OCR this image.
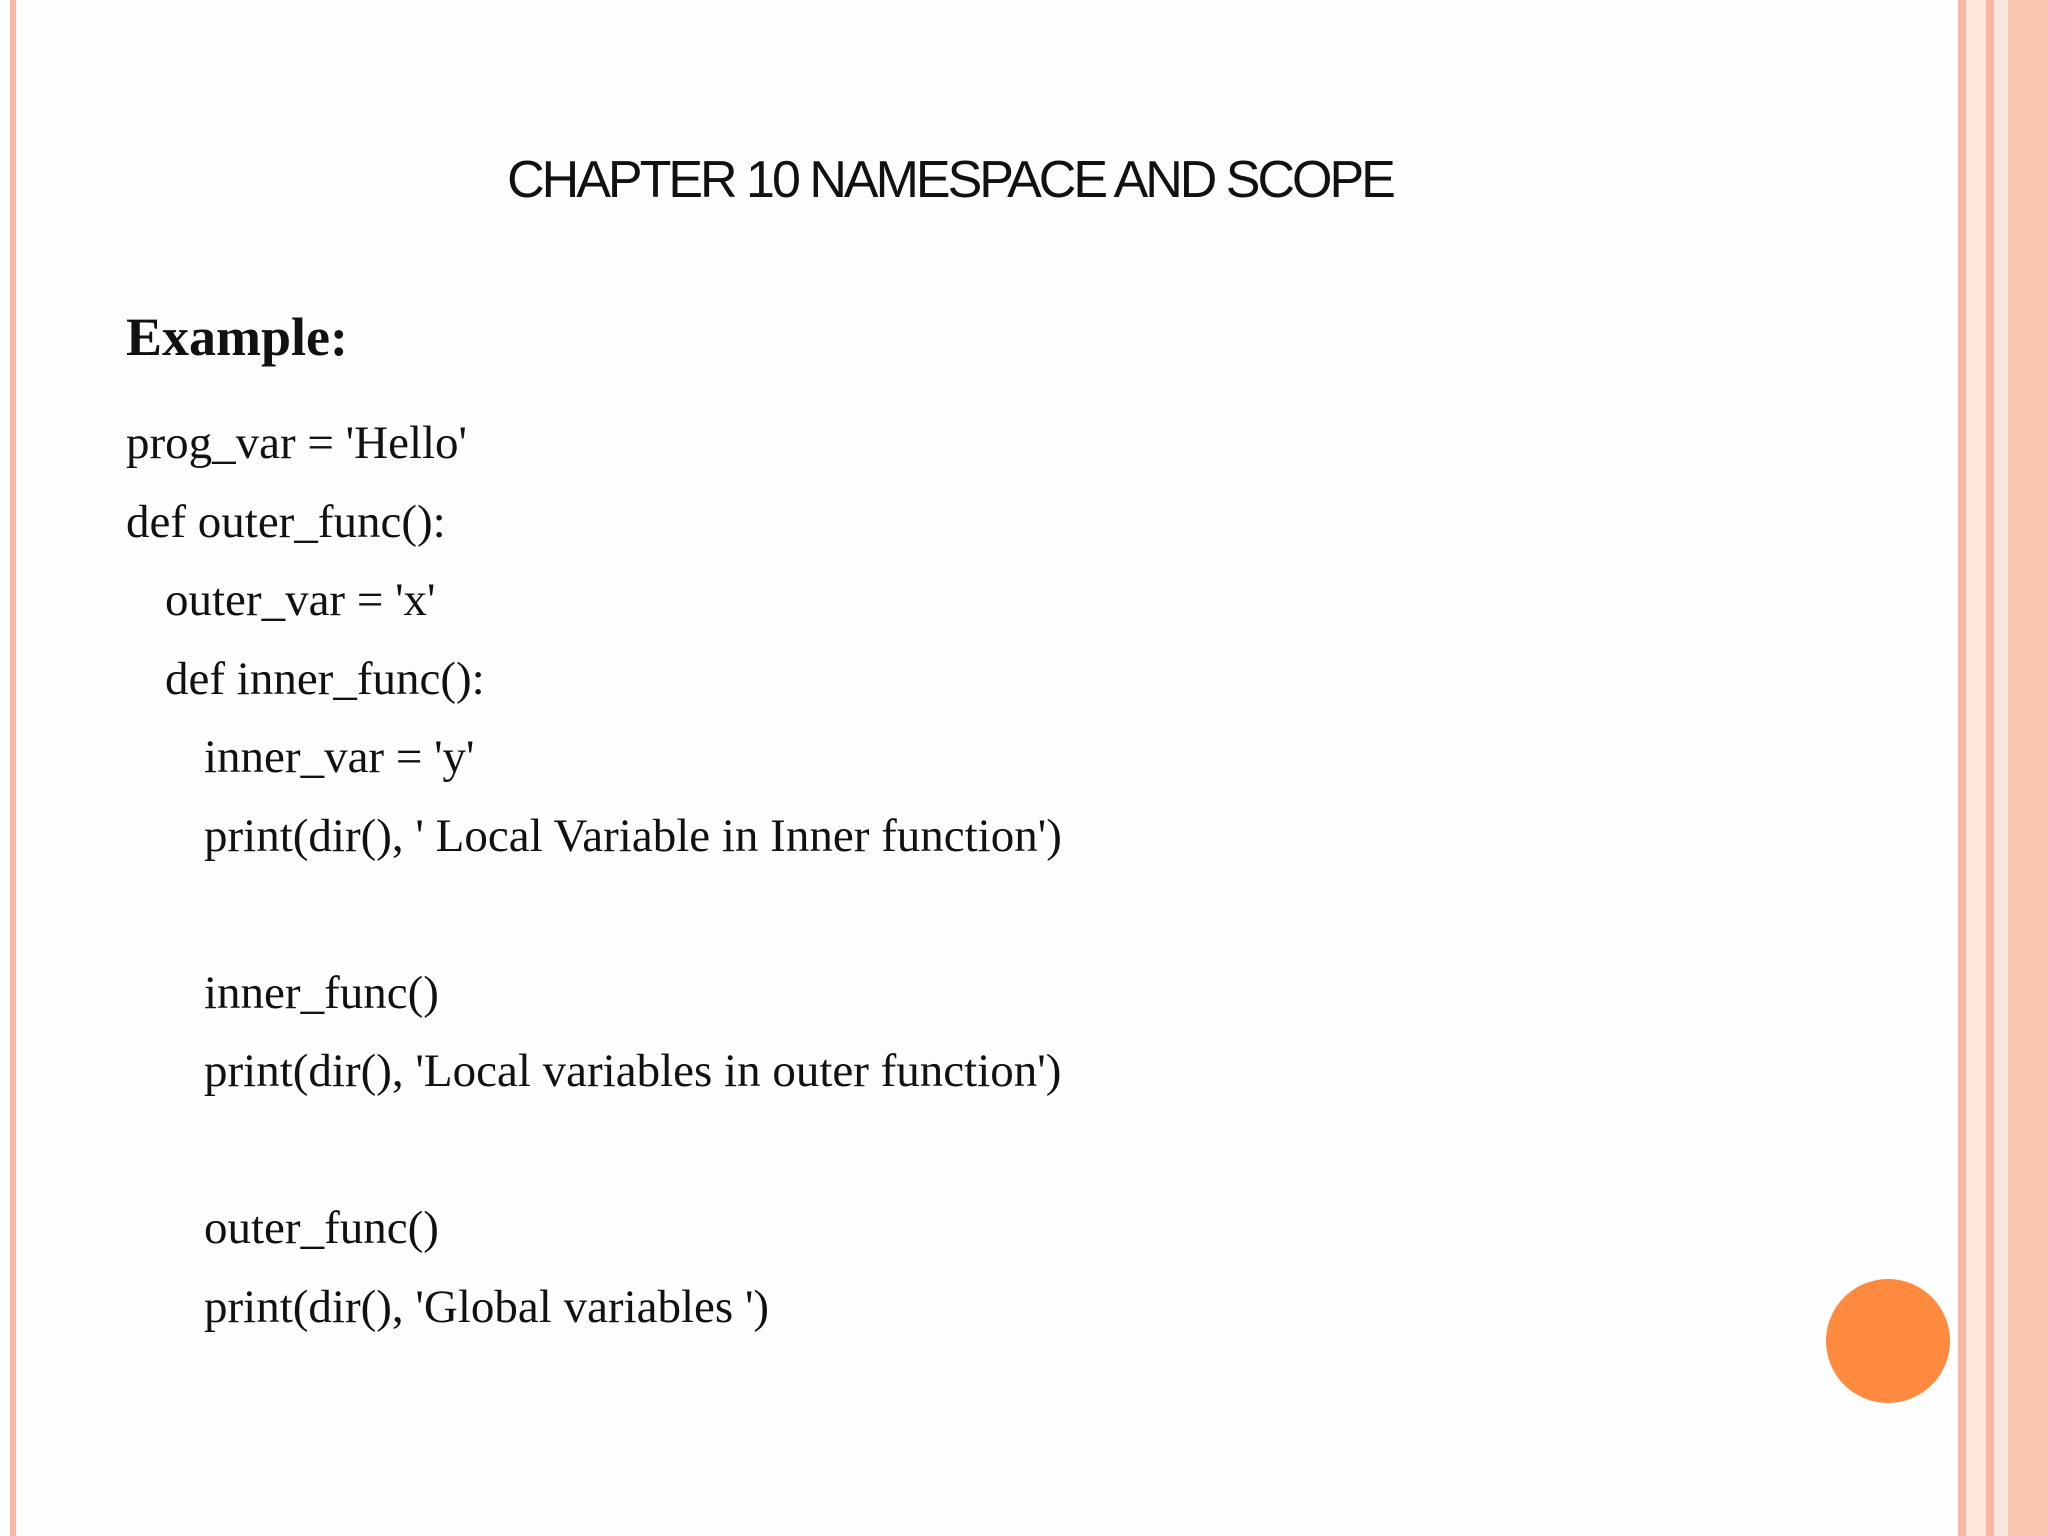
CHAPTER 10 NAMESPACE AND SCOPE
Example:
prog_var = 'Hello'
def outer_func():
outer_var = 'x'
def inner_func():
inner_var = 'y'
print(dir(), ' Local Variable in Inner function')
inner_func()
print(dir(), 'Local variables in outer function')
outer_func()
print(dir(), 'Global variables ')
